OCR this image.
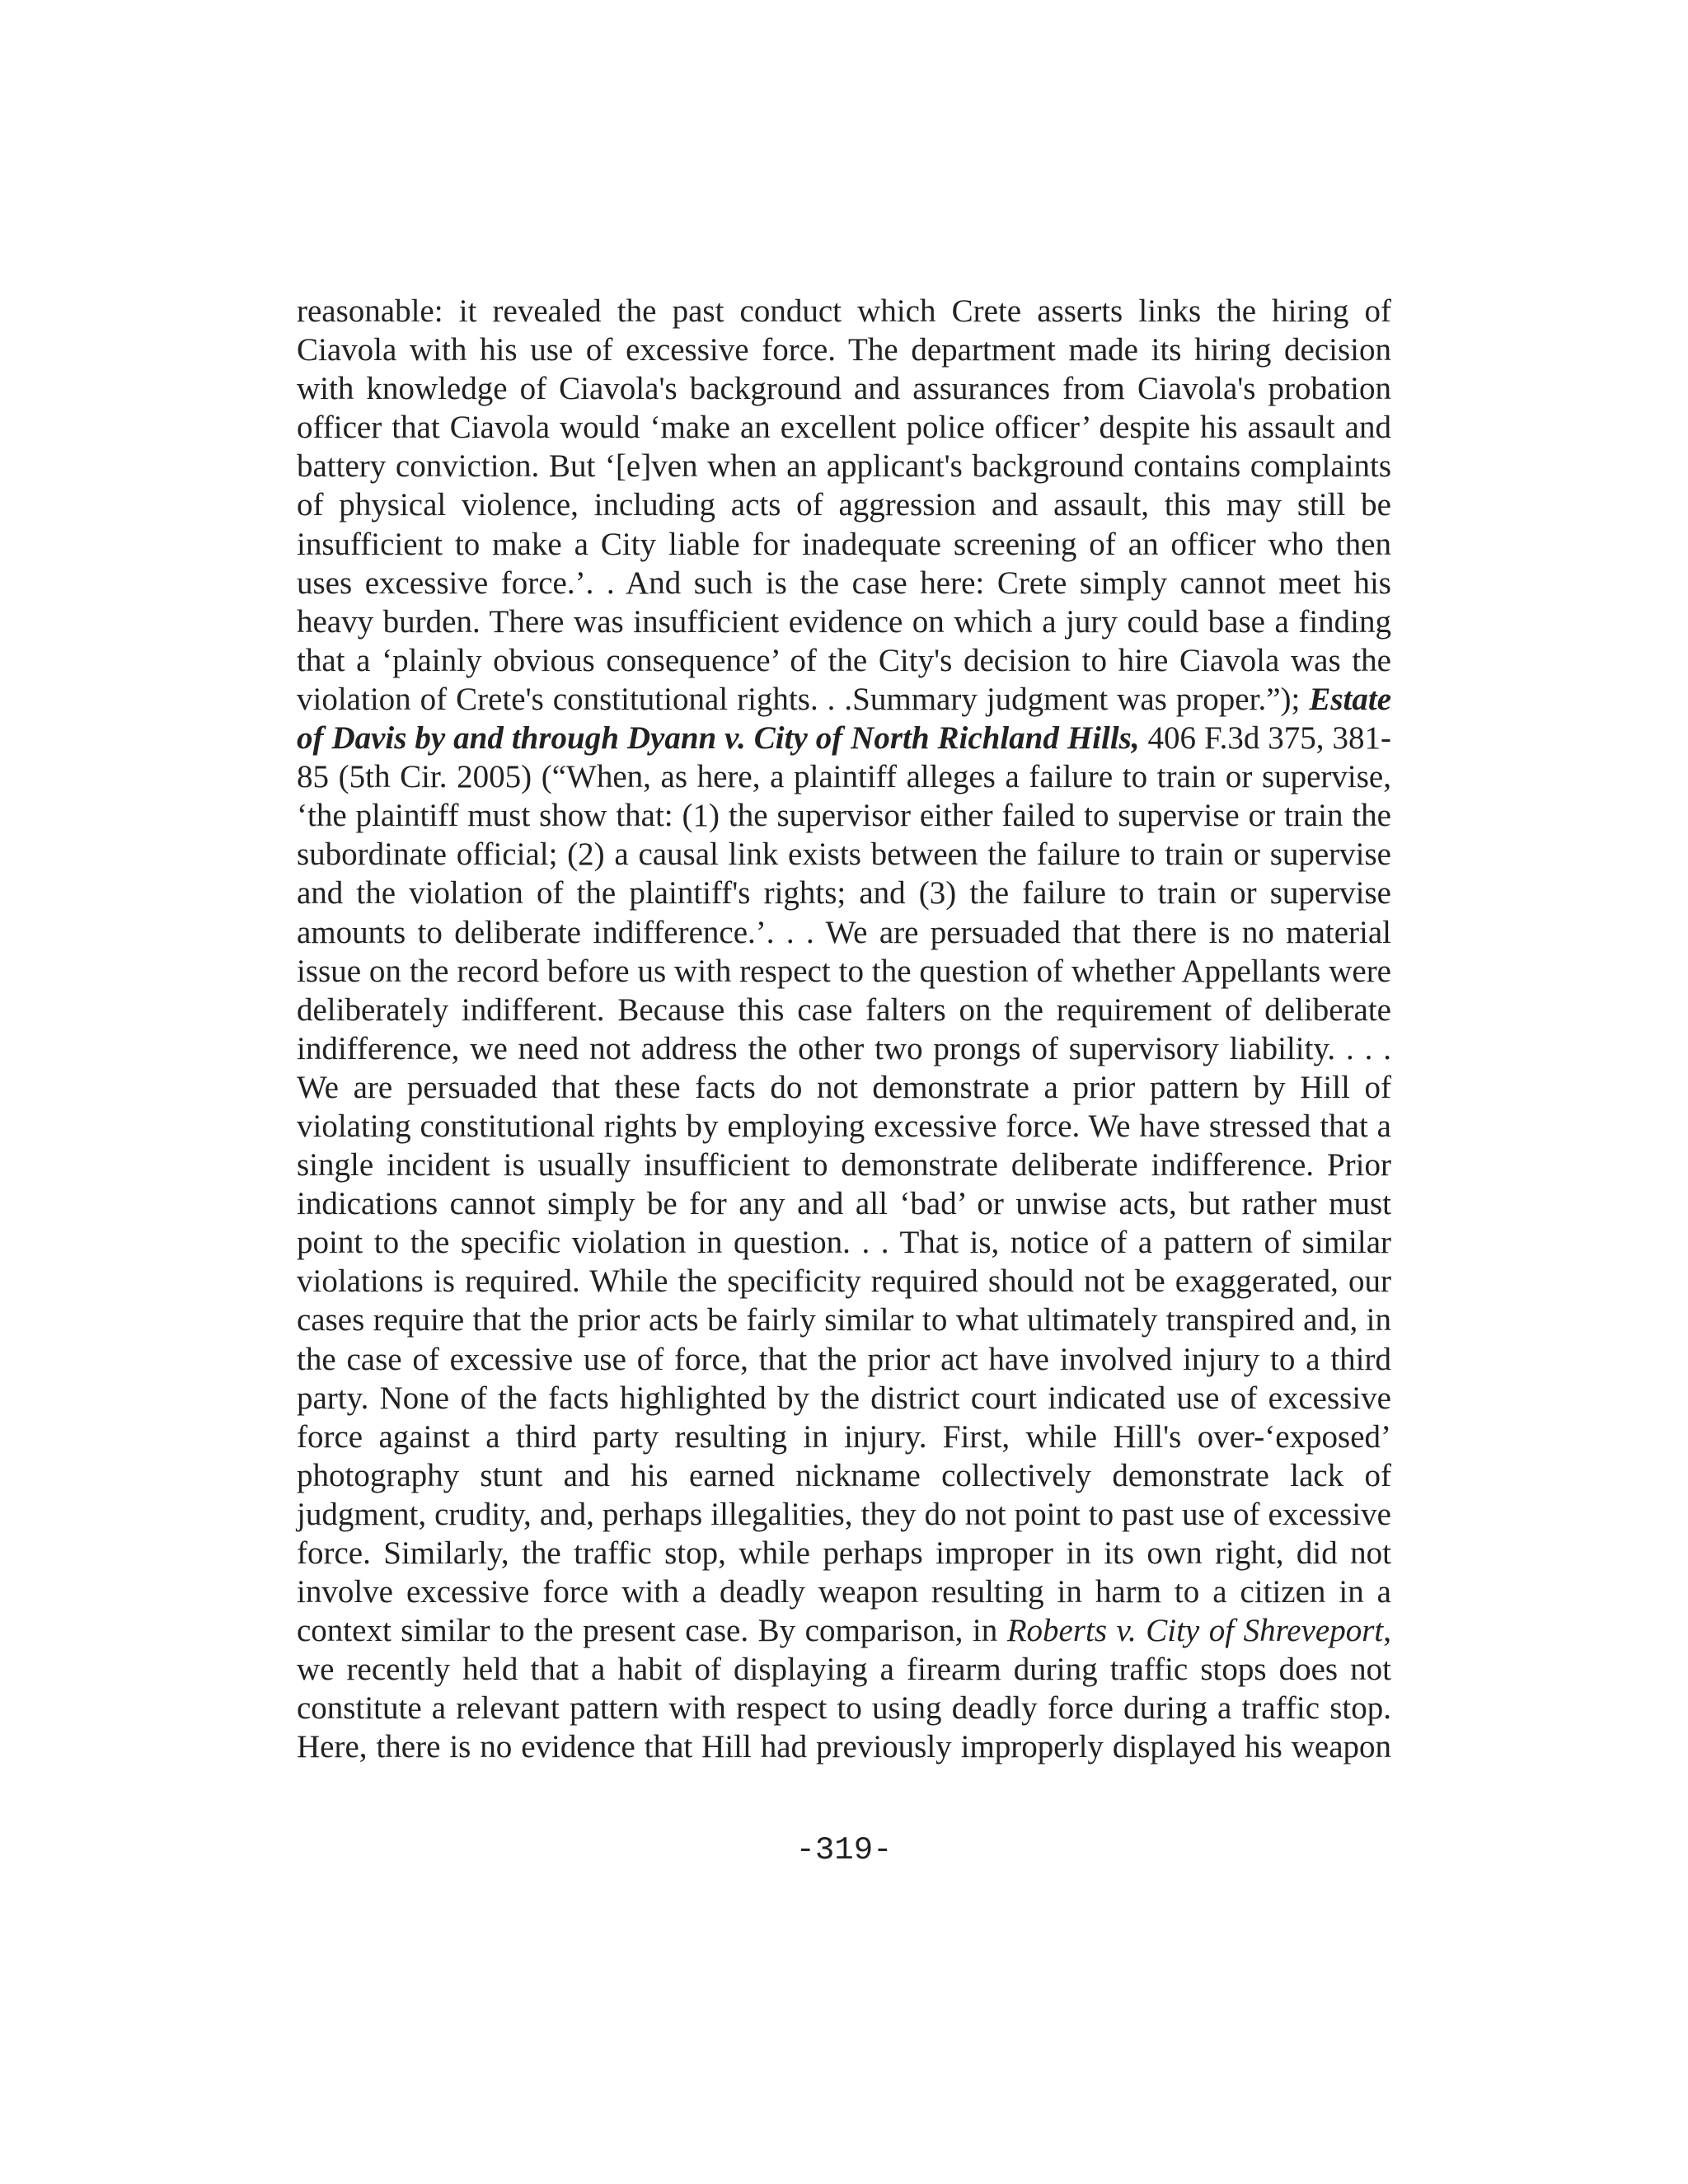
reasonable: it revealed the past conduct which Crete asserts links the hiring of Ciavola with his use of excessive force. The department made its hiring decision with knowledge of Ciavola's background and assurances from Ciavola's probation officer that Ciavola would ‘make an excellent police officer’ despite his assault and battery conviction. But ‘[e]ven when an applicant's background contains complaints of physical violence, including acts of aggression and assault, this may still be insufficient to make a City liable for inadequate screening of an officer who then uses excessive force.’. . And such is the case here: Crete simply cannot meet his heavy burden. There was insufficient evidence on which a jury could base a finding that a ‘plainly obvious consequence’ of the City's decision to hire Ciavola was the violation of Crete's constitutional rights. . .Summary judgment was proper.”); Estate of Davis by and through Dyann v. City of North Richland Hills, 406 F.3d 375, 381-85 (5th Cir. 2005) (“When, as here, a plaintiff alleges a failure to train or supervise, ‘the plaintiff must show that: (1) the supervisor either failed to supervise or train the subordinate official; (2) a causal link exists between the failure to train or supervise and the violation of the plaintiff's rights; and (3) the failure to train or supervise amounts to deliberate indifference.’. . . We are persuaded that there is no material issue on the record before us with respect to the question of whether Appellants were deliberately indifferent. Because this case falters on the requirement of deliberate indifference, we need not address the other two prongs of supervisory liability. . . . We are persuaded that these facts do not demonstrate a prior pattern by Hill of violating constitutional rights by employing excessive force. We have stressed that a single incident is usually insufficient to demonstrate deliberate indifference. Prior indications cannot simply be for any and all ‘bad’ or unwise acts, but rather must point to the specific violation in question. . . That is, notice of a pattern of similar violations is required. While the specificity required should not be exaggerated, our cases require that the prior acts be fairly similar to what ultimately transpired and, in the case of excessive use of force, that the prior act have involved injury to a third party. None of the facts highlighted by the district court indicated use of excessive force against a third party resulting in injury. First, while Hill's over-‘exposed’ photography stunt and his earned nickname collectively demonstrate lack of judgment, crudity, and, perhaps illegalities, they do not point to past use of excessive force. Similarly, the traffic stop, while perhaps improper in its own right, did not involve excessive force with a deadly weapon resulting in harm to a citizen in a context similar to the present case. By comparison, in Roberts v. City of Shreveport, we recently held that a habit of displaying a firearm during traffic stops does not constitute a relevant pattern with respect to using deadly force during a traffic stop. Here, there is no evidence that Hill had previously improperly displayed his weapon

-319-
